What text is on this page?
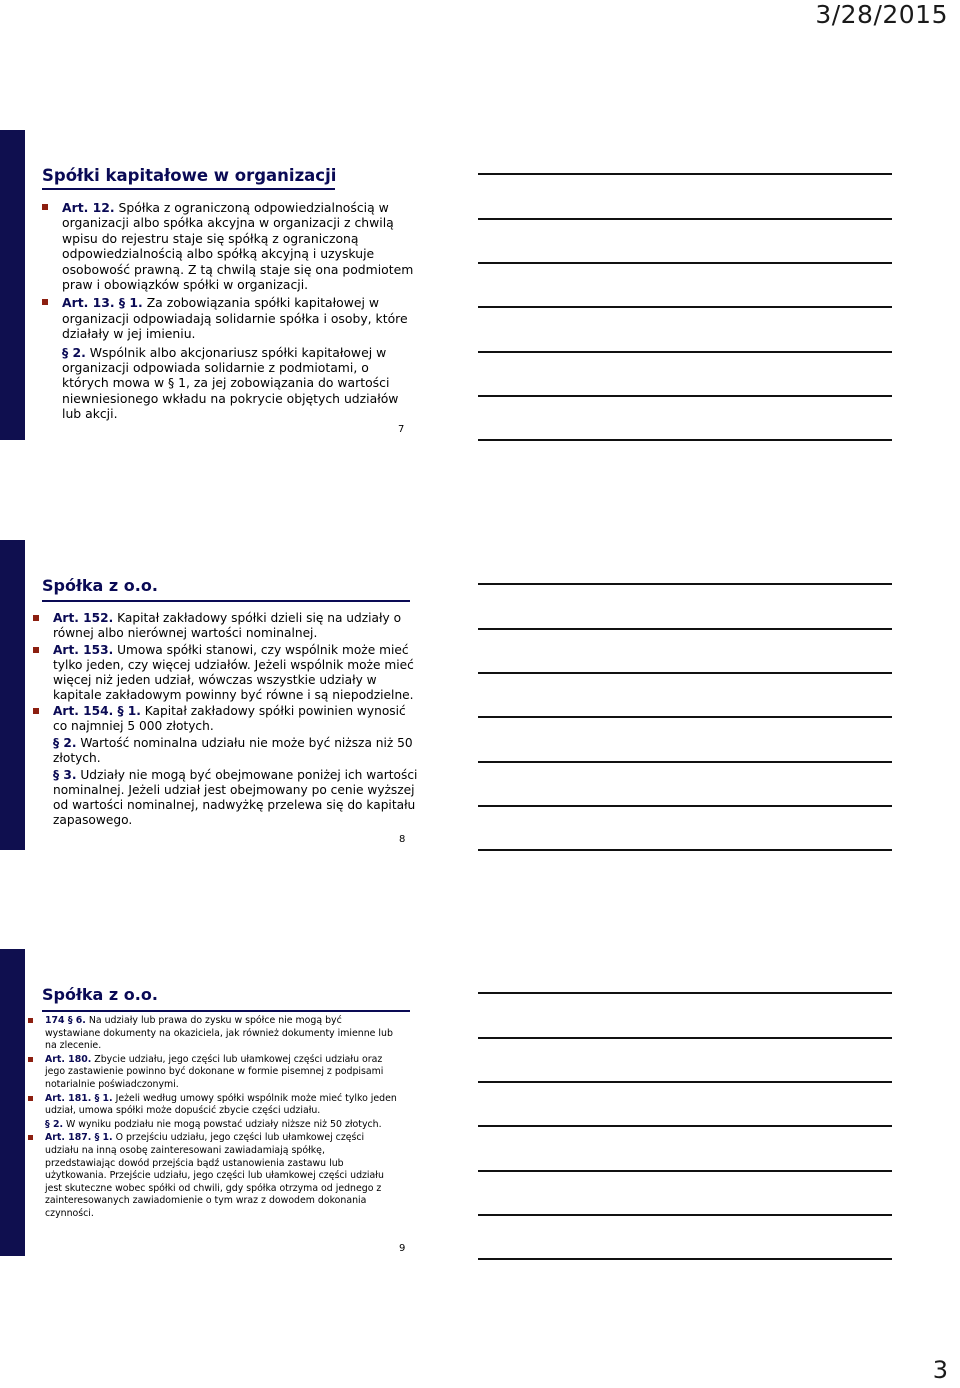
3/28/2015
Spółki kapitałowe w organizacji
Art. 12. Spółka z ograniczoną odpowiedzialnością w organizacji albo spółka akcyjna w organizacji z chwilą wpisu do rejestru staje się spółką z ograniczoną odpowiedzialnością albo spółką akcyjną i uzyskuje osobowość prawną. Z tą chwilą staje się ona podmiotem praw i obowiązków spółki w organizacji.
Art. 13. § 1. Za zobowiązania spółki kapitałowej w organizacji odpowiadają solidarnie spółka i osoby, które działały w jej imieniu.
§ 2. Wspólnik albo akcjonariusz spółki kapitałowej w organizacji odpowiada solidarnie z podmiotami, o których mowa w § 1, za jej zobowiązania do wartości niewniesionego wkładu na pokrycie objętych udziałów lub akcji.
7
Spółka z o.o.
Art. 152. Kapitał zakładowy spółki dzieli się na udziały o równej albo nierównej wartości nominalnej.
Art. 153. Umowa spółki stanowi, czy wspólnik może mieć tylko jeden, czy więcej udziałów. Jeżeli wspólnik może mieć więcej niż jeden udział, wówczas wszystkie udziały w kapitale zakładowym powinny być równe i są niepodzielne.
Art. 154. § 1. Kapitał zakładowy spółki powinien wynosić co najmniej 5 000 złotych.
§ 2. Wartość nominalna udziału nie może być niższa niż 50 złotych.
§ 3. Udziały nie mogą być obejmowane poniżej ich wartości nominalnej. Jeżeli udział jest obejmowany po cenie wyższej od wartości nominalnej, nadwyżkę przelewa się do kapitału zapasowego.
8
Spółka z o.o.
174 § 6. Na udziały lub prawa do zysku w spółce nie mogą być wystawiane dokumenty na okaziciela, jak również dokumenty imienne lub na zlecenie.
Art. 180. Zbycie udziału, jego części lub ułamkowej części udziału oraz jego zastawienie powinno być dokonane w formie pisemnej z podpisami notarialnie poświadczonymi.
Art. 181. § 1. Jeżeli według umowy spółki wspólnik może mieć tylko jeden udział, umowa spółki może dopuścić zbycie części udziału.
§ 2. W wyniku podziału nie mogą powstać udziały niższe niż 50 złotych.
Art. 187. § 1. O przejściu udziału, jego części lub ułamkowej części udziału na inną osobę zainteresowani zawiadamiają spółkę, przedstawiając dowód przejścia bądź ustanowienia zastawu lub użytkowania. Przejście udziału, jego części lub ułamkowej części udziału jest skuteczne wobec spółki od chwili, gdy spółka otrzyma od jednego z zainteresowanych zawiadomienie o tym wraz z dowodem dokonania czynności.
9
3
